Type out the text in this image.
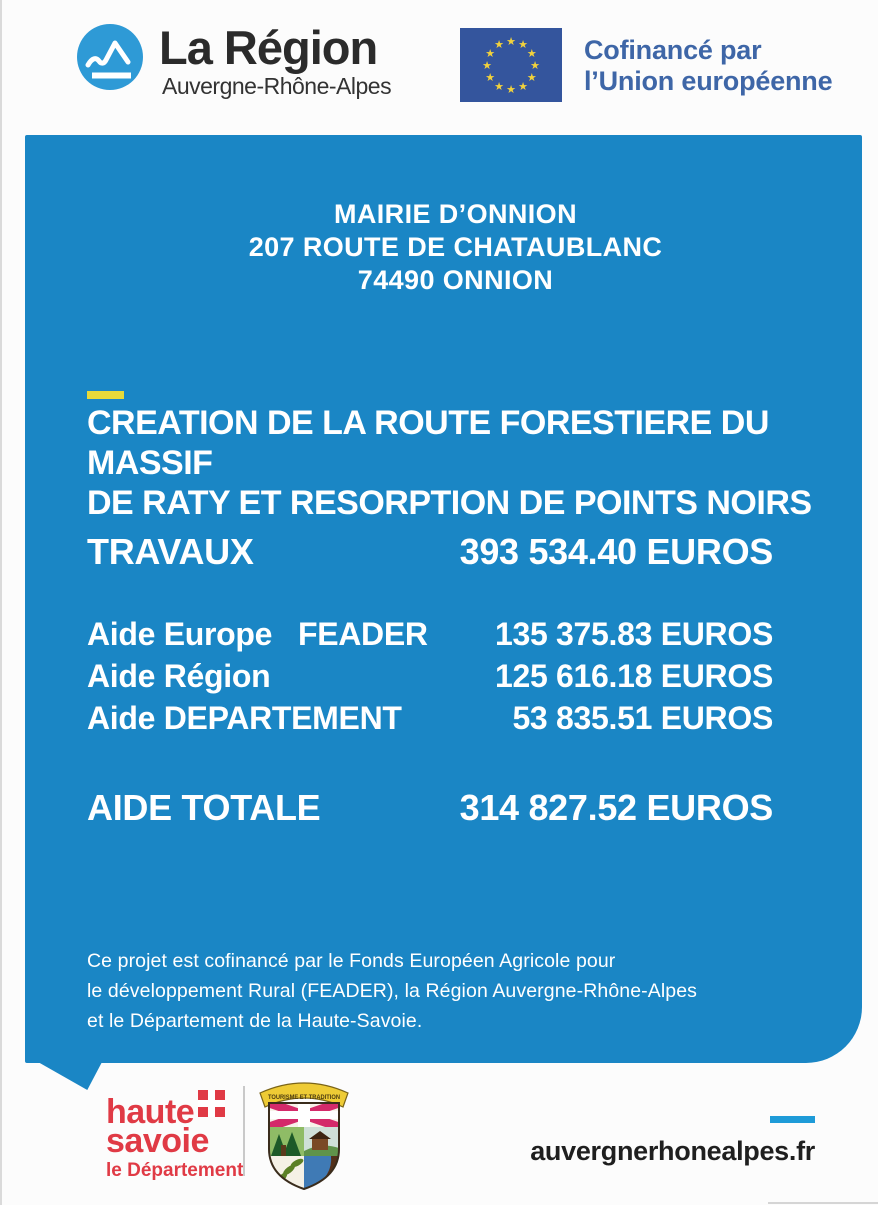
La Région
Auvergne-Rhône-Alpes
★ ★
★
★
★
★
★
★
★
★
★
★	Cofinancé par
l’Union européenne
MAIRIE D’ONNION
207 ROUTE DE CHATAUBLANC
74490 ONNION
CREATION DE LA ROUTE FORESTIERE DU MASSIF
DE RATY ET RESORPTION DE POINTS NOIRS
TRAVAUX	393 534.40 EUROS
Aide Europe   FEADER 135 375.83 EUROS
Aide Région	125 616.18 EUROS
Aide DEPARTEMENT	53 835.51 EUROS
AIDE TOTALE	314 827.52 EUROS

Ce projet est cofinancé par le Fonds Européen Agricole pour
le développement Rural (FEADER), la Région Auvergne-Rhône-Alpes
et le Département de la Haute-Savoie.

haute
savoie
le Département
TOURISME ET TRADITION
auvergnerhonealpes.fr
